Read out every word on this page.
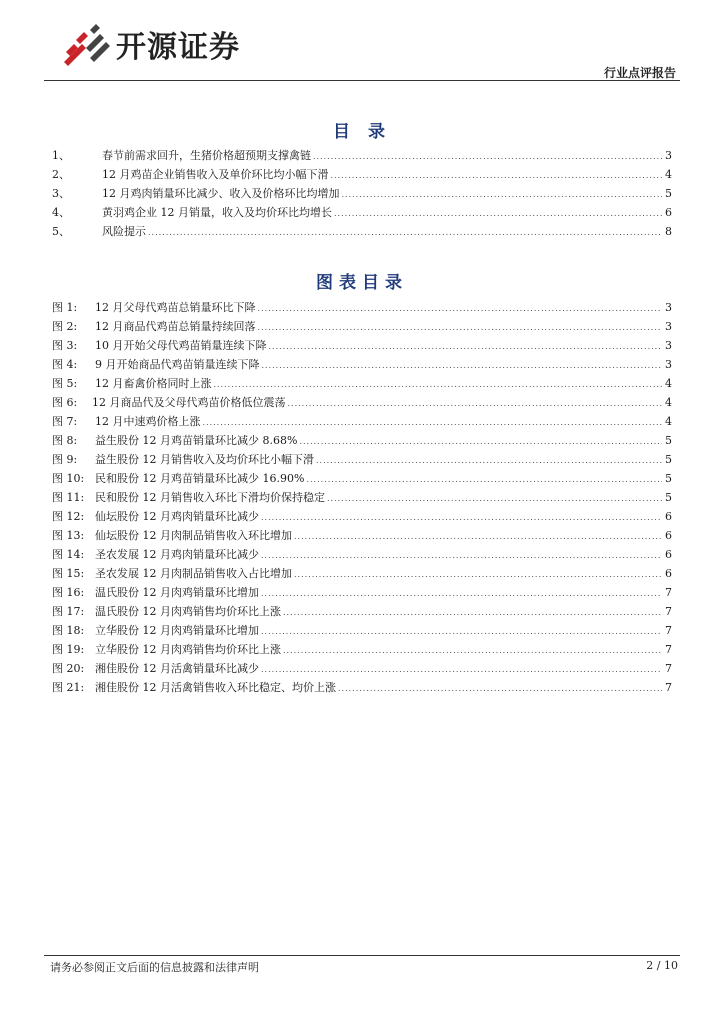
开源证券
行业点评报告
目 录
1、	春节前需求回升，生猪价格超预期支撑禽链 .....	3
2、	12 月鸡苗企业销售收入及单价环比均小幅下滑 .....	4
3、	12 月鸡肉销量环比减少、收入及价格环比均增加 .....	5
4、	黄羽鸡企业 12 月销量，收入及均价环比均增长 .....	6
5、	风险提示 .....	8
图表目录
图 1:	12 月父母代鸡苗总销量环比下降 .....	3
图 2:	12 月商品代鸡苗总销量持续回落 .....	3
图 3:	10 月开始父母代鸡苗销量连续下降 .....	3
图 4:	9 月开始商品代鸡苗销量连续下降 .....	3
图 5:	12 月畜禽价格同时上涨 .....	4
图 6:	12 月商品代及父母代鸡苗价格低位震荡 .....	4
图 7:	12 月中速鸡价格上涨 .....	4
图 8:	益生股份 12 月鸡苗销量环比减少 8.68% .....	5
图 9:	益生股份 12 月销售收入及均价环比小幅下滑 .....	5
图 10: 民和股份 12 月鸡苗销量环比减少 16.90% .....	5
图 11: 民和股份 12 月销售收入环比下滑均价保持稳定 .....	5
图 12: 仙坛股份 12 月鸡肉销量环比减少 .....	6
图 13: 仙坛股份 12 月肉制品销售收入环比增加 .....	6
图 14: 圣农发展 12 月鸡肉销量环比减少 .....	6
图 15: 圣农发展 12 月肉制品销售收入占比增加 .....	6
图 16: 温氏股份 12 月肉鸡销量环比增加 .....	7
图 17: 温氏股份 12 月肉鸡销售均价环比上涨 .....	7
图 18: 立华股份 12 月肉鸡销量环比增加 .....	7
图 19: 立华股份 12 月肉鸡销售均价环比上涨 .....	7
图 20: 湘佳股份 12 月活禽销量环比减少 .....	7
图 21: 湘佳股份 12 月活禽销售收入环比稳定、均价上涨 .....	7
请务必参阅正文后面的信息披露和法律声明	2 / 10
